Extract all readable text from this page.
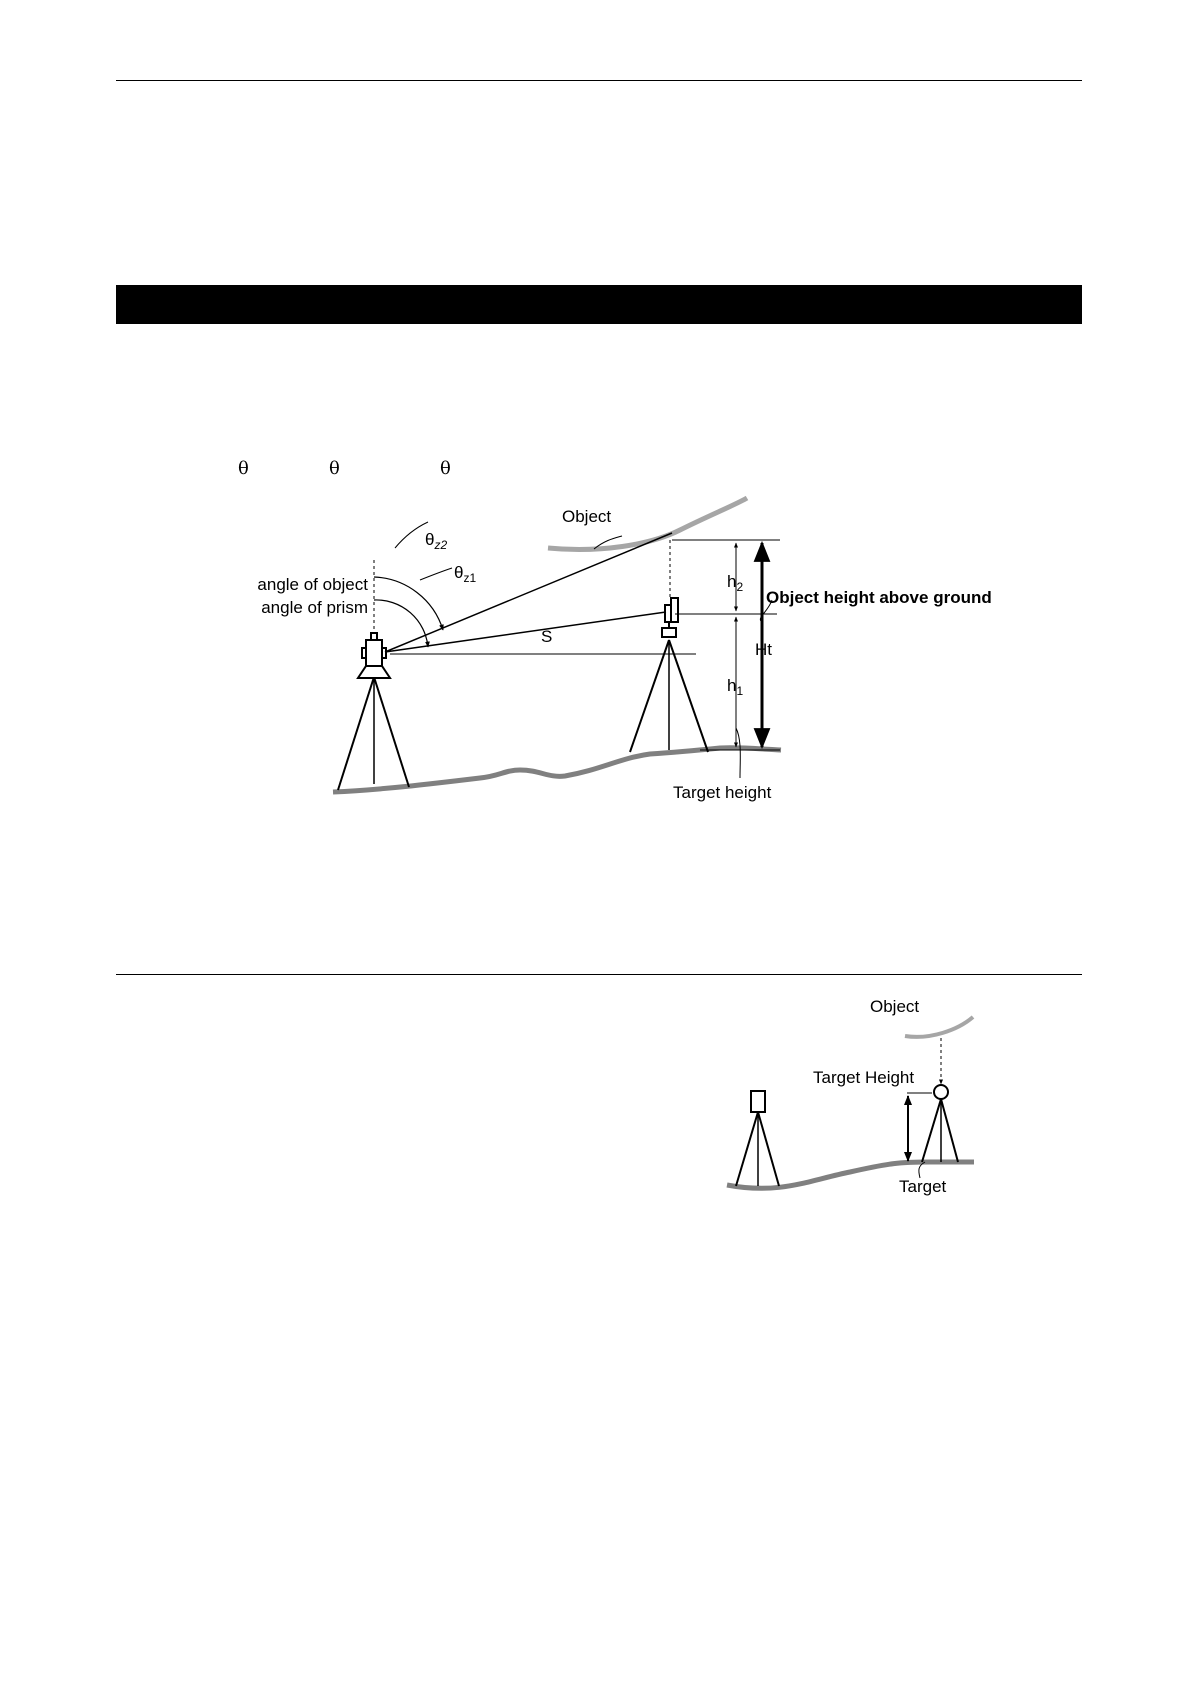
θ	θ	θ
Object
$\theta_{z2}$
$\theta_{z1}$
angle of object
angle of prism
S
$h_2$
$h_1$
Ht
Object height above ground
Target height
Object
Target Height
Target
